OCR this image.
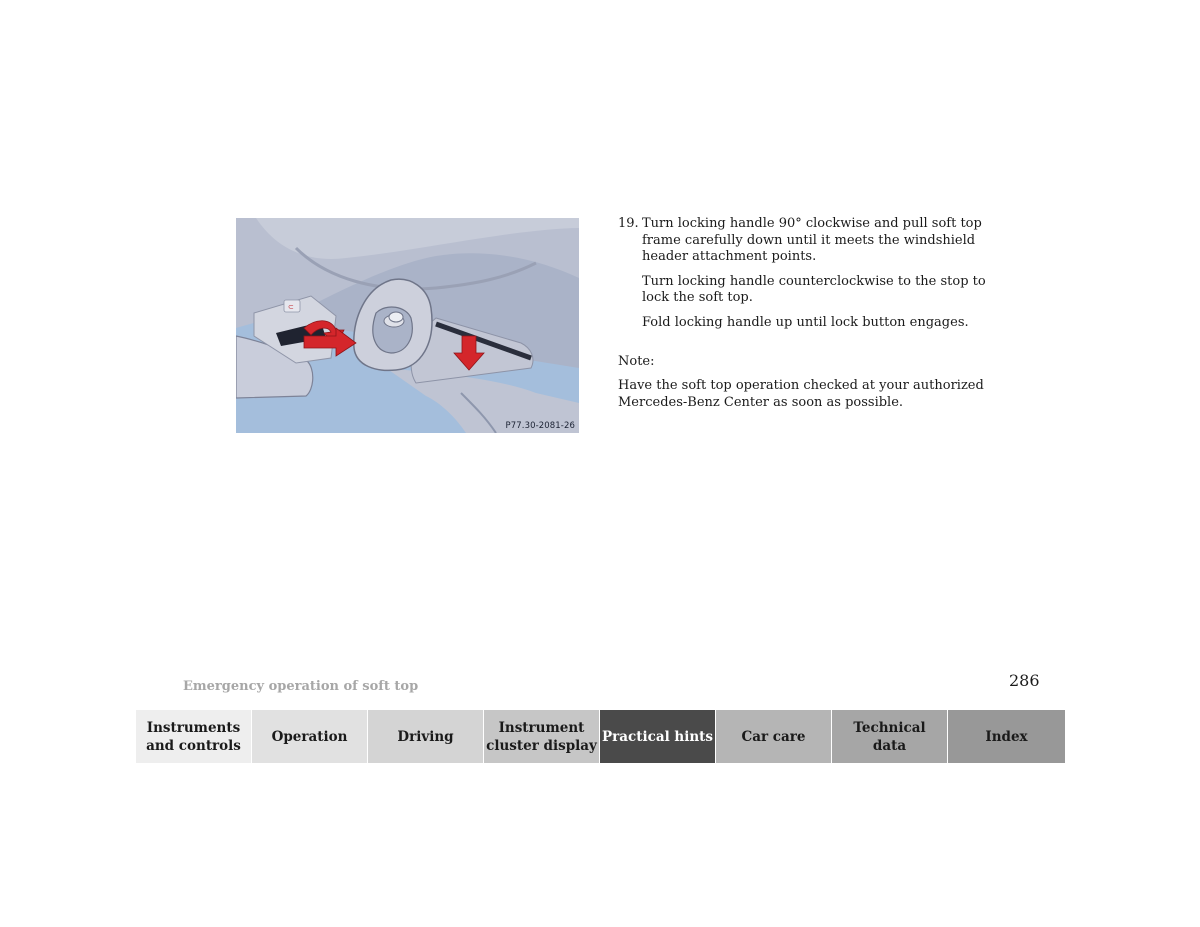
⊂
P77.30-2081-26
19. Turn locking handle 90° clockwise and pull soft top frame carefully down until it meets the windshield header attachment points.

Turn locking handle counterclockwise to the stop to lock the soft top.

Fold locking handle up until lock button engages.

Note:

Have the soft top operation checked at your authorized Mercedes-Benz Center as soon as possible.

Emergency operation of soft top	286
Instruments
and controls
Operation	Driving
Instrument
cluster display
Practical hints	Car care
Technical
data
Index
